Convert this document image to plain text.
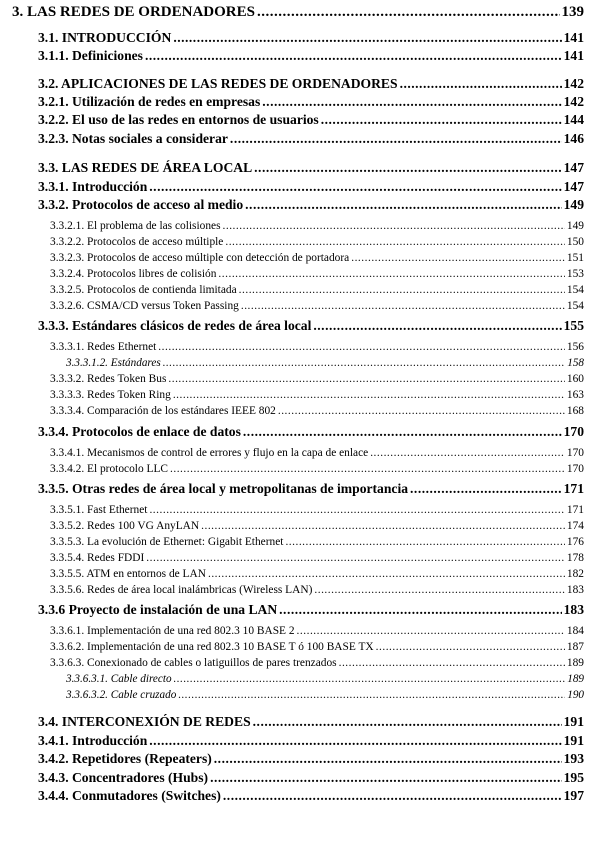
3. LAS REDES DE ORDENADORES .....	139
3.1. INTRODUCCIÓN .....	141
3.1.1. Definiciones .....	141
3.2. APLICACIONES DE LAS REDES DE ORDENADORES .....	142
3.2.1. Utilización de redes en empresas .....	142
3.2.2. El uso de las redes en entornos de usuarios .....	144
3.2.3. Notas sociales a considerar .....	146
3.3. LAS REDES DE ÁREA LOCAL .....	147
3.3.1. Introducción .....	147
3.3.2. Protocolos de acceso al medio .....	149
3.3.2.1. El problema de las colisiones .....	149
3.3.2.2. Protocolos de acceso múltiple .....	150
3.3.2.3. Protocolos de acceso múltiple con detección de portadora .....	151
3.3.2.4. Protocolos libres de colisión .....	153
3.3.2.5. Protocolos de contienda limitada .....	154
3.3.2.6. CSMA/CD versus Token Passing .....	154
3.3.3. Estándares clásicos de redes de área local .....	155
3.3.3.1. Redes Ethernet .....	156
3.3.3.1.2. Estándares .....	158
3.3.3.2. Redes Token Bus .....	160
3.3.3.3. Redes Token Ring .....	163
3.3.3.4. Comparación de los estándares IEEE 802 .....	168
3.3.4. Protocolos de enlace de datos .....	170
3.3.4.1. Mecanismos de control de errores y flujo en la capa de enlace .....	170
3.3.4.2. El protocolo LLC .....	170
3.3.5. Otras redes de área local y metropolitanas de importancia .....	171
3.3.5.1. Fast Ethernet .....	171
3.3.5.2. Redes 100 VG AnyLAN .....	174
3.3.5.3. La evolución de Ethernet: Gigabit Ethernet .....	176
3.3.5.4. Redes FDDI .....	178
3.3.5.5. ATM en entornos de LAN .....	182
3.3.5.6. Redes de área local inalámbricas (Wireless LAN) .....	183
3.3.6 Proyecto de instalación de una LAN .....	183
3.3.6.1. Implementación de una red 802.3 10 BASE 2 .....	184
3.3.6.2. Implementación de una red 802.3 10 BASE T ó 100 BASE TX .....	187
3.3.6.3. Conexionado de cables o latiguillos de pares trenzados .....	189
3.3.6.3.1. Cable directo .....	189
3.3.6.3.2. Cable cruzado .....	190
3.4. INTERCONEXIÓN DE REDES .....	191
3.4.1. Introducción .....	191
3.4.2. Repetidores (Repeaters) .....	193
3.4.3. Concentradores (Hubs) .....	195
3.4.4. Conmutadores (Switches) .....	197
